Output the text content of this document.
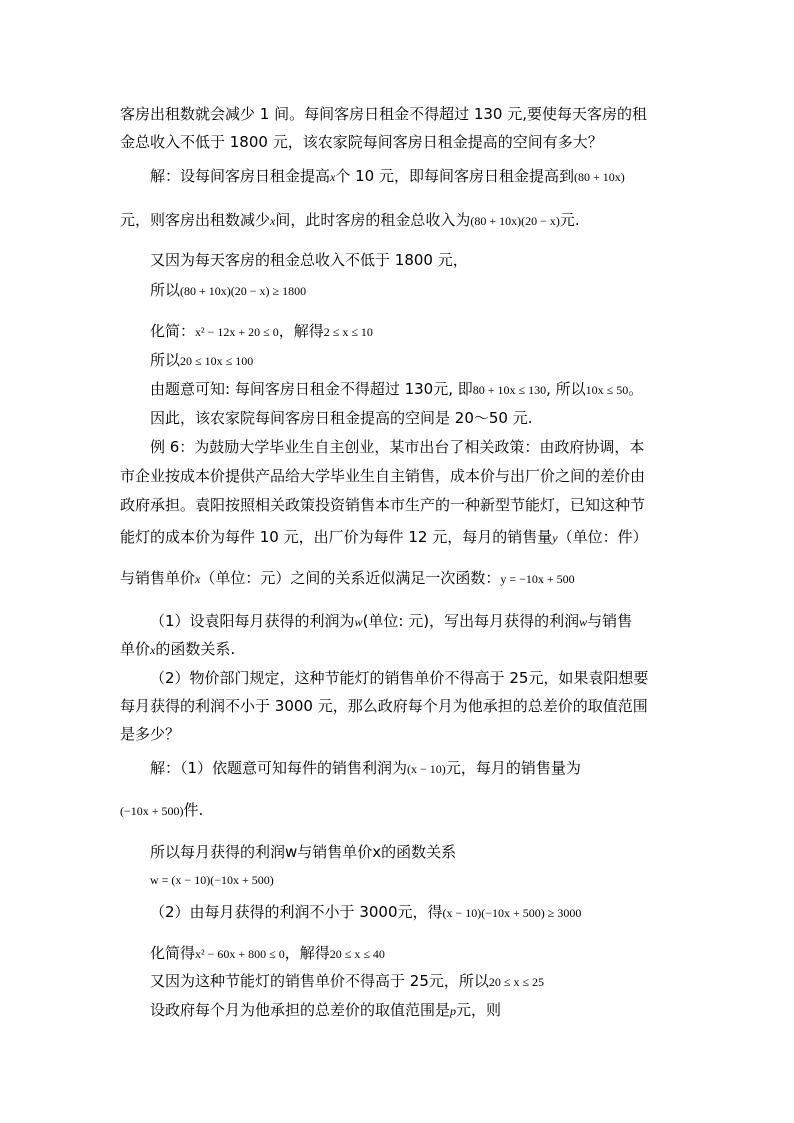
客房出租数就会减少 1 间。每间客房日租金不得超过 130 元,要使每天客房的租
金总收入不低于 1800 元，该农家院每间客房日租金提高的空间有多大？
解：设每间客房日租金提高x个 10 元，即每间客房日租金提高到(80 + 10x)
元，则客房出租数减少x间，此时客房的租金总收入为(80 + 10x)(20 − x)元.
又因为每天客房的租金总收入不低于 1800 元，
所以(80 + 10x)(20 − x) ≥ 1800
化简：x² − 12x + 20 ≤ 0，解得2 ≤ x ≤ 10
所以20 ≤ 10x ≤ 100
由题意可知: 每间客房日租金不得超过 130元, 即80 + 10x ≤ 130, 所以10x ≤ 50。
因此，该农家院每间客房日租金提高的空间是 20～50 元.
例 6：为鼓励大学毕业生自主创业，某市出台了相关政策：由政府协调，本
市企业按成本价提供产品给大学毕业生自主销售，成本价与出厂价之间的差价由
政府承担。袁阳按照相关政策投资销售本市生产的一种新型节能灯，已知这种节
能灯的成本价为每件 10 元，出厂价为每件 12 元，每月的销售量y（单位：件）
与销售单价x（单位：元）之间的关系近似满足一次函数：y = −10x + 500
（1）设袁阳每月获得的利润为w(单位: 元)，写出每月获得的利润w与销售
单价x的函数关系.
（2）物价部门规定，这种节能灯的销售单价不得高于 25元，如果袁阳想要
每月获得的利润不小于 3000 元，那么政府每个月为他承担的总差价的取值范围
是多少？
解：（1）依题意可知每件的销售利润为(x − 10)元，每月的销售量为
(−10x + 500)件.
所以每月获得的利润w与销售单价x的函数关系
w = (x − 10)(−10x + 500)
（2）由每月获得的利润不小于 3000元，得(x − 10)(−10x + 500) ≥ 3000
化简得x² − 60x + 800 ≤ 0，解得20 ≤ x ≤ 40
又因为这种节能灯的销售单价不得高于 25元，所以20 ≤ x ≤ 25
设政府每个月为他承担的总差价的取值范围是p元，则
